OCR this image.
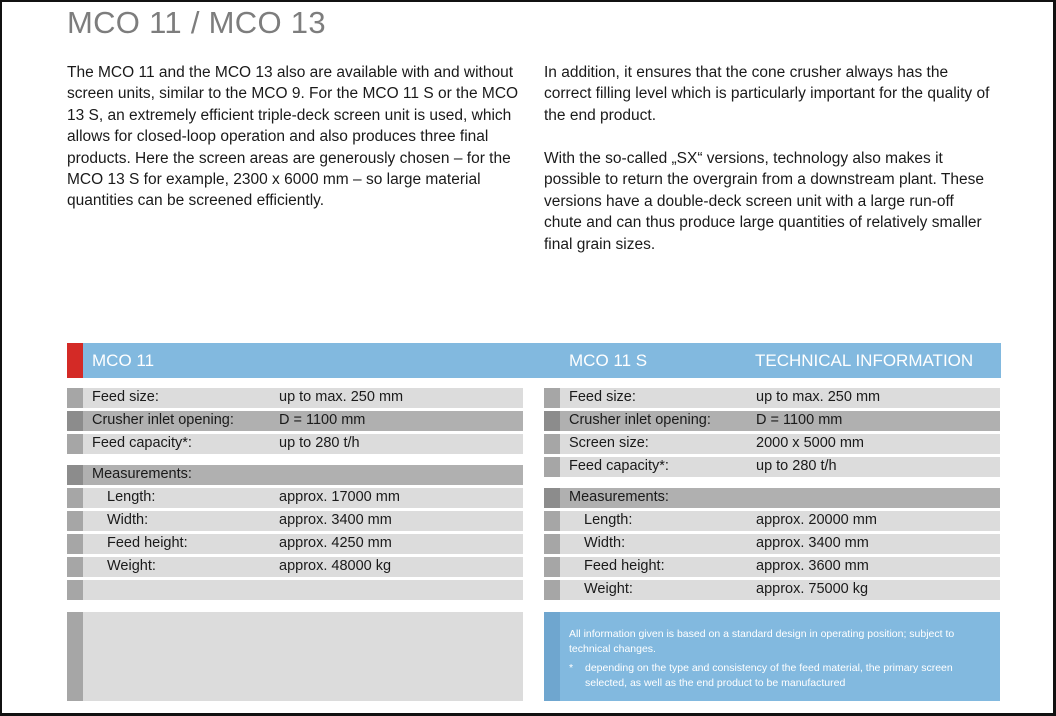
MCO 11 / MCO 13
The MCO 11 and the MCO 13 also are available with and without screen units, similar to the MCO 9. For the MCO 11 S or the MCO 13 S, an extremely efficient triple-deck screen unit is used, which allows for closed-loop operation and also produces three final products. Here the screen areas are generously chosen – for the MCO 13 S for example, 2300 x 6000 mm – so large material quantities can be screened efficiently.
In addition, it ensures that the cone crusher always has the correct filling level which is particularly important for the quality of the end product.
With the so-called „SX“ versions, technology also makes it possible to return the overgrain from a downstream plant. These versions have a double-deck screen unit with a large run-off chute and can thus produce large quantities of relatively smaller final grain sizes.
MCO 11	MCO 11 S	TECHNICAL INFORMATION
Feed size:	up to max. 250 mm
Crusher inlet opening:	D = 1100 mm
Feed capacity*:	up to 280 t/h
Measurements:
Length:	approx. 17000 mm
Width:	approx. 3400 mm
Feed height:	approx. 4250 mm
Weight:	approx. 48000 kg
Feed size:	up to max. 250 mm
Crusher inlet opening:	D = 1100 mm
Screen size:	2000 x 5000 mm
Feed capacity*:	up to 280 t/h
Measurements:
Length:	approx. 20000 mm
Width:	approx. 3400 mm
Feed height:	approx. 3600 mm
Weight:	approx. 75000 kg
All information given is based on a standard design in operating position; subject to technical changes.
* depending on the type and consistency of the feed material, the primary screen selected, as well as the end product to be manufactured
